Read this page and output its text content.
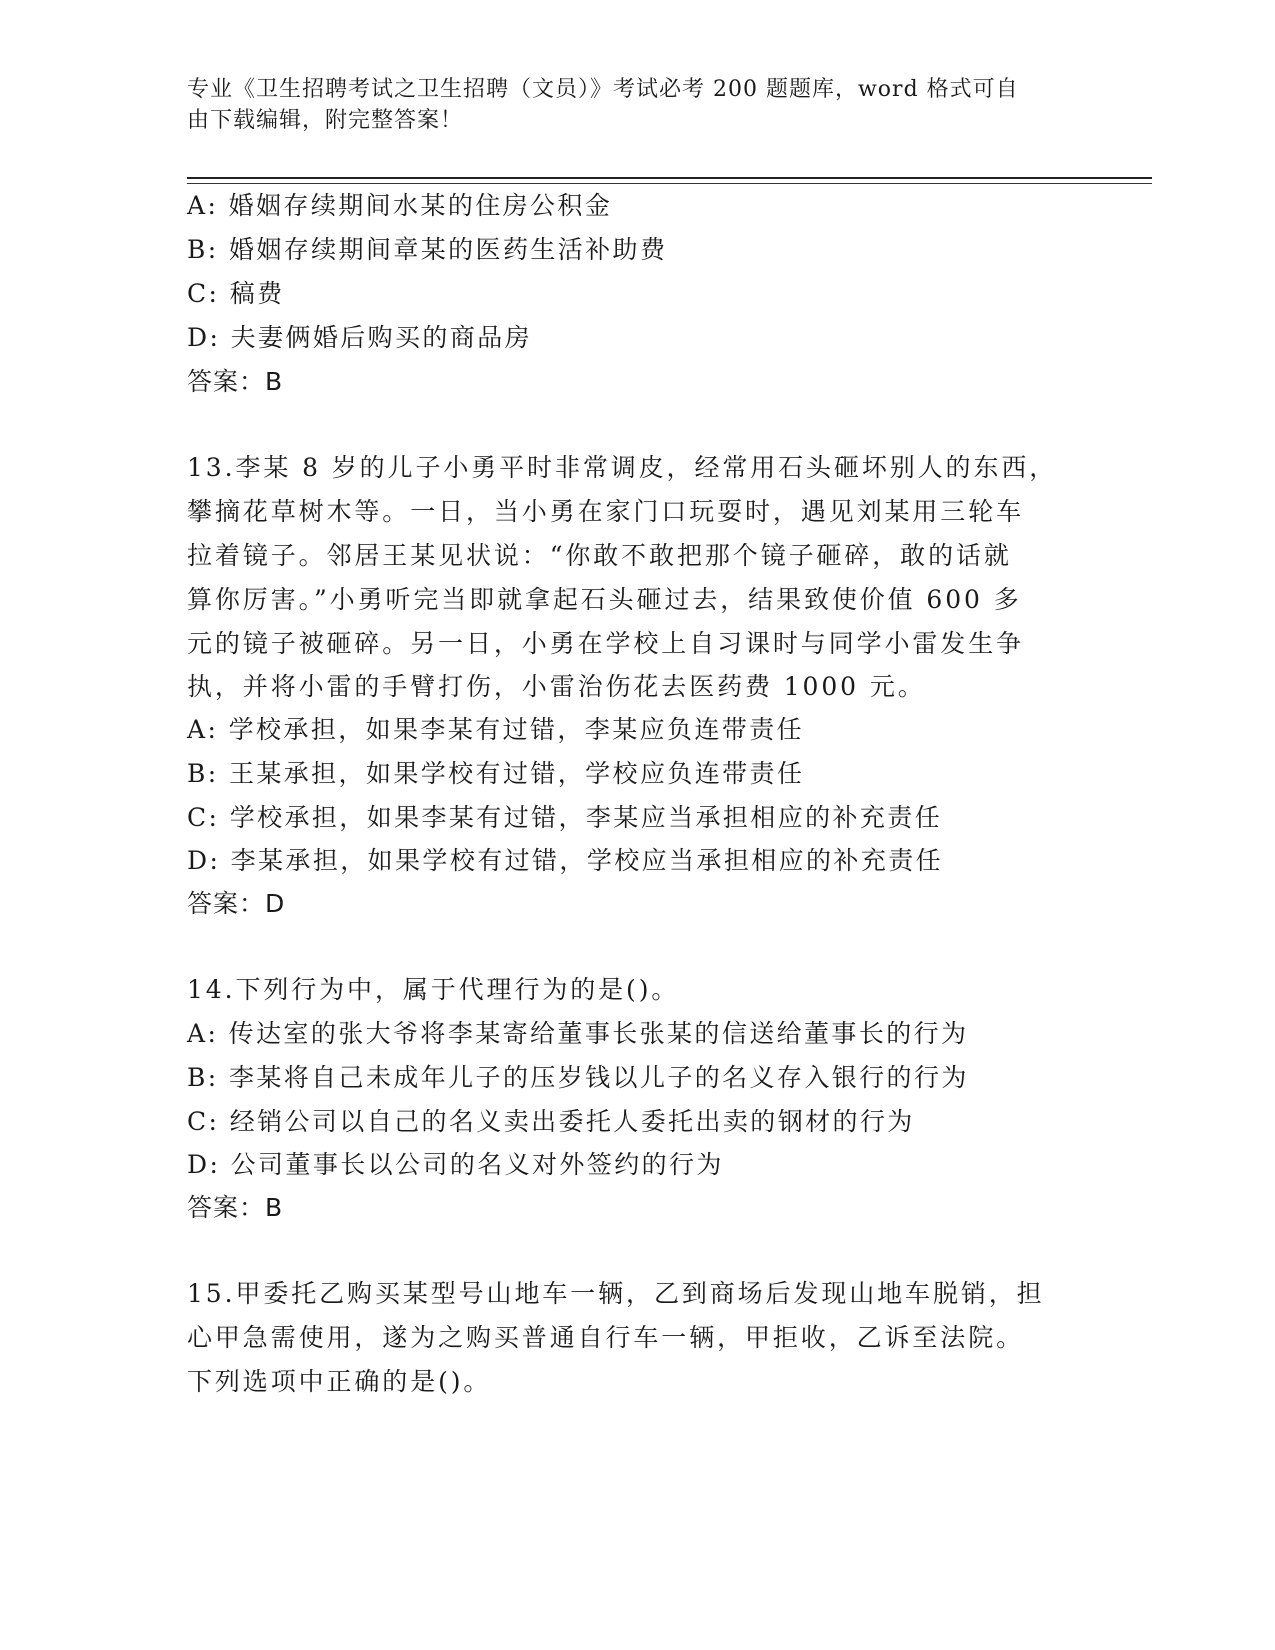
专业《卫生招聘考试之卫生招聘（文员）》考试必考 200 题题库，word 格式可自
由下载编辑，附完整答案！
A: 婚姻存续期间水某的住房公积金
B: 婚姻存续期间章某的医药生活补助费
C: 稿费
D: 夫妻俩婚后购买的商品房
答案：B
13.李某 8 岁的儿子小勇平时非常调皮，经常用石头砸坏别人的东西，
攀摘花草树木等。一日，当小勇在家门口玩耍时，遇见刘某用三轮车
拉着镜子。邻居王某见状说：“你敢不敢把那个镜子砸碎，敢的话就
算你厉害。”小勇听完当即就拿起石头砸过去，结果致使价值 600 多
元的镜子被砸碎。另一日，小勇在学校上自习课时与同学小雷发生争
执，并将小雷的手臂打伤，小雷治伤花去医药费 1000 元。
A: 学校承担，如果李某有过错，李某应负连带责任
B: 王某承担，如果学校有过错，学校应负连带责任
C: 学校承担，如果李某有过错，李某应当承担相应的补充责任
D: 李某承担，如果学校有过错，学校应当承担相应的补充责任
答案：D
14.下列行为中，属于代理行为的是()。
A: 传达室的张大爷将李某寄给董事长张某的信送给董事长的行为
B: 李某将自己未成年儿子的压岁钱以儿子的名义存入银行的行为
C: 经销公司以自己的名义卖出委托人委托出卖的钢材的行为
D: 公司董事长以公司的名义对外签约的行为
答案：B
15.甲委托乙购买某型号山地车一辆，乙到商场后发现山地车脱销，担
心甲急需使用，遂为之购买普通自行车一辆，甲拒收，乙诉至法院。
下列选项中正确的是()。
